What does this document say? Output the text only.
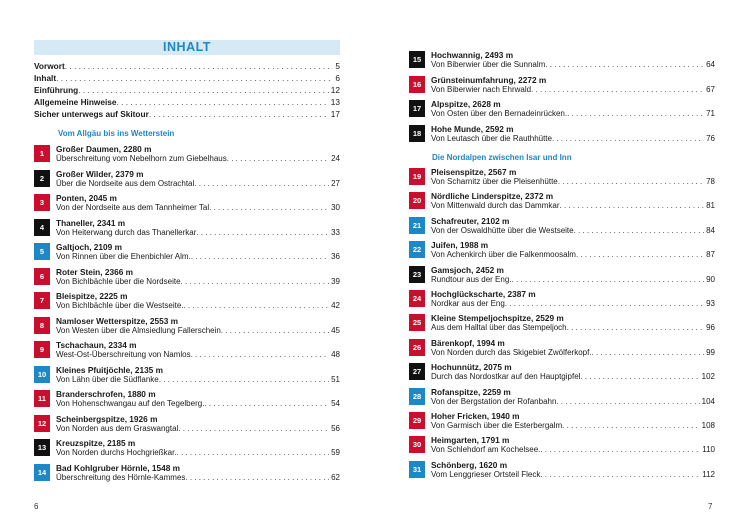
INHALT
Vorwort . . .	5
Inhalt . . .	6
Einführung . . .	12
Allgemeine Hinweise . . .	13
Sicher unterwegs auf Skitour . . .	17
Vom Allgäu bis ins Wetterstein
1	Großer Daumen, 2280 m
Überschreitung vom Nebelhorn zum Giebelhaus . . .	24
2	Großer Wilder, 2379 m
Über die Nordseite aus dem Ostrachtal . . .	27
3	Ponten, 2045 m
Von der Nordseite aus dem Tannheimer Tal . . .	30
4	Thaneller, 2341 m
Von Heiterwang durch das Thanellerkar . . .	33
5	Galtjoch, 2109 m
Von Rinnen über die Ehenbichler Alm. . . .	36
6	Roter Stein, 2366 m
Von Bichlbächle über die Nordseite . . .	39
7	Bleispitze, 2225 m
Von Bichlbächle über die Westseite. . . .	42
8	Namloser Wetterspitze, 2553 m
Von Westen über die Almsiedlung Fallerschein . . .	45
9	Tschachaun, 2334 m
West-Ost-Überschreitung von Namlos . . .	48
10	Kleines Pfuitjöchle, 2135 m
Von Lähn über die Südflanke . . .	51
11	Branderschrofen, 1880 m
Von Hohenschwangau auf den Tegelberg. . . .	54
12	Scheinbergspitze, 1926 m
Von Norden aus dem Graswangtal . . .	56
13	Kreuzspitze, 2185 m
Von Norden durchs Hochgrießkar. . . .	59
14	Bad Kohlgruber Hörnle, 1548 m
Überschreitung des Hörnle-Kammes . . .	62
6
15	Hochwannig, 2493 m
Von Biberwier über die Sunnalm . . .	64
16	Grünsteinumfahrung, 2272 m
Von Biberwier nach Ehrwald . . .	67
17	Alpspitze, 2628 m
Von Osten über den Bernadeinrücken. . . .	71
18	Hohe Munde, 2592 m
Von Leutasch über die Rauthhütte . . .	76
Die Nordalpen zwischen Isar und Inn
19	Pleisenspitze, 2567 m
Von Scharnitz über die Pleisenhütte . . .	78
20	Nördliche Linderspitze, 2372 m
Von Mittenwald durch das Dammkar . . .	81
21	Schafreuter, 2102 m
Von der Oswaldhütte über die Westseite . . .	84
22	Juifen, 1988 m
Von Achenkirch über die Falkenmoosalm . . .	87
23	Gamsjoch, 2452 m
Rundtour aus der Eng. . . .	90
24	Hochglückscharte, 2387 m
Nordkar aus der Eng . . .	93
25	Kleine Stempeljochspitze, 2529 m
Aus dem Halltal über das Stempeljoch . . .	96
26	Bärenkopf, 1994 m
Von Norden durch das Skigebiet Zwölferkopf. . . .	99
27	Hochunnütz, 2075 m
Durch das Nordostkar auf den Hauptgipfel . . .	102
28	Rofanspitze, 2259 m
Von der Bergstation der Rofanbahn . . .	104
29	Hoher Fricken, 1940 m
Von Garmisch über die Esterbergalm . . .	108
30	Heimgarten, 1791 m
Von Schlehdorf am Kochelsee. . . .	110
31	Schönberg, 1620 m
Vom Lenggrieser Ortsteil Fleck . . .	112
7
